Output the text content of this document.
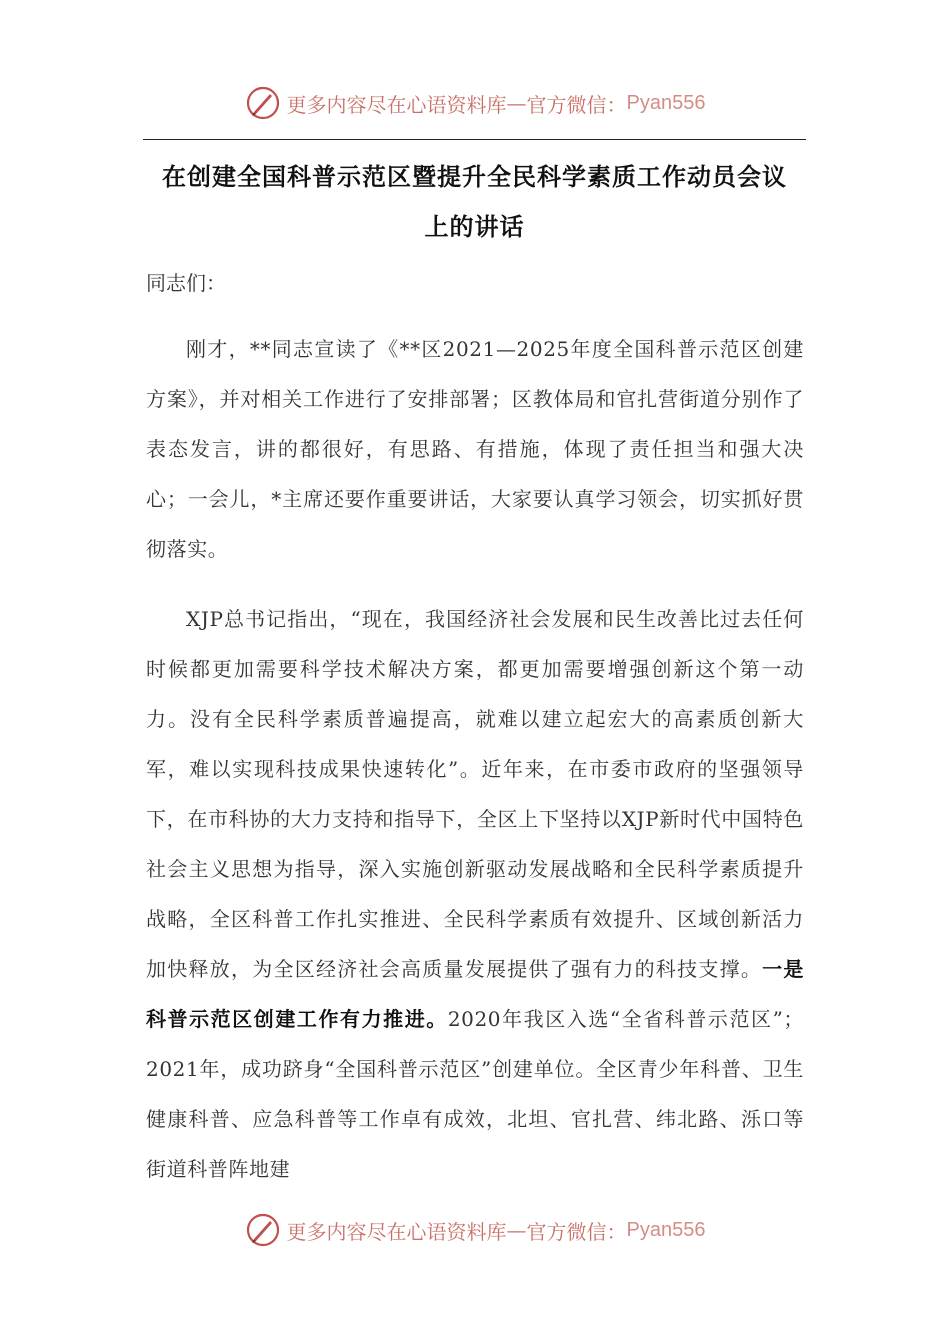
更多内容尽在心语资料库 — 官方微信： Pyan556
在创建全国科普示范区暨提升全民科学素质工作动员会议
上的讲话
同志们：

刚才，**同志宣读了《**区2021—2025年度全国科普示范区创建方案》，并对相关工作进行了安排部署；区教体局和官扎营街道分别作了表态发言，讲的都很好，有思路、有措施，体现了责任担当和强大决心；一会儿，*主席还要作重要讲话，大家要认真学习领会，切实抓好贯彻落实。

XJP总书记指出，“现在，我国经济社会发展和民生改善比过去任何时候都更加需要科学技术解决方案，都更加需要增强创新这个第一动力。没有全民科学素质普遍提高，就难以建立起宏大的高素质创新大军，难以实现科技成果快速转化”。近年来，在市委市政府的坚强领导下，在市科协的大力支持和指导下，全区上下坚持以XJP新时代中国特色社会主义思想为指导，深入实施创新驱动发展战略和全民科学素质提升战略，全区科普工作扎实推进、全民科学素质有效提升、区域创新活力加快释放，为全区经济社会高质量发展提供了强有力的科技支撑。一是科普示范区创建工作有力推进。2020年我区入选“全省科普示范区”；2021年，成功跻身“全国科普示范区”创建单位。全区青少年科普、卫生健康科普、应急科普等工作卓有成效，北坦、官扎营、纬北路、泺口等街道科普阵地建

更多内容尽在心语资料库 — 官方微信： Pyan556
